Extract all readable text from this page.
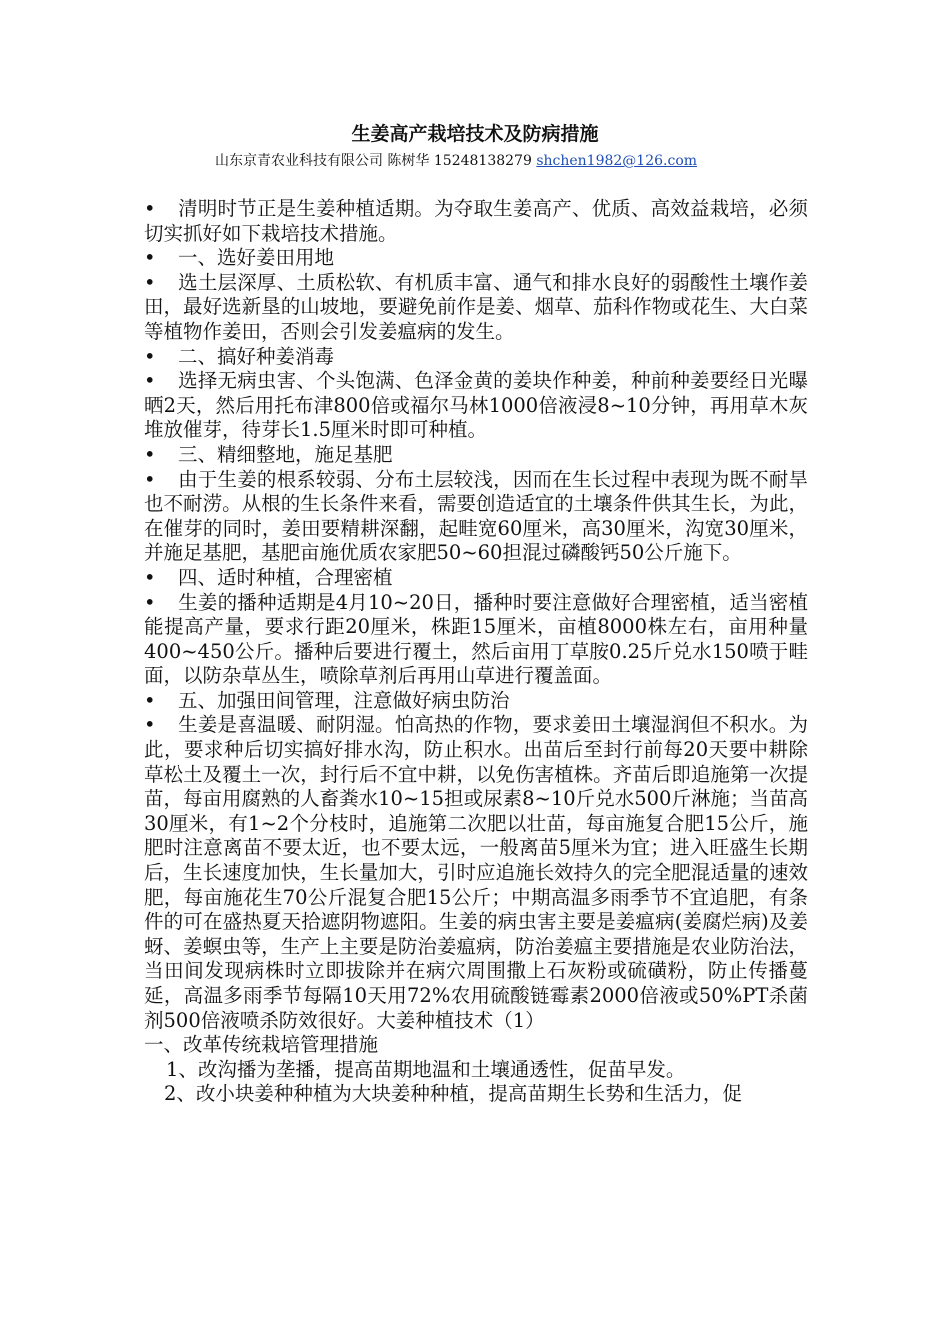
生姜高产栽培技术及防病措施
山东京青农业科技有限公司 陈树华 15248138279 shchen1982@126.com

• 清明时节正是生姜种植适期。为夺取生姜高产、优质、高效益栽培，必须切实抓好如下栽培技术措施。

• 一、选好姜田用地

• 选土层深厚、土质松软、有机质丰富、通气和排水良好的弱酸性土壤作姜田，最好选新垦的山坡地，要避免前作是姜、烟草、茄科作物或花生、大白菜等植物作姜田，否则会引发姜瘟病的发生。

• 二、搞好种姜消毒

• 选择无病虫害、个头饱满、色泽金黄的姜块作种姜，种前种姜要经日光曝晒2天，然后用托布津800倍或福尔马林1000倍液浸8~10分钟，再用草木灰堆放催芽，待芽长1.5厘米时即可种植。

• 三、精细整地，施足基肥

• 由于生姜的根系较弱、分布土层较浅，因而在生长过程中表现为既不耐旱也不耐涝。从根的生长条件来看，需要创造适宜的土壤条件供其生长，为此，在催芽的同时，姜田要精耕深翻，起畦宽60厘米，高30厘米，沟宽30厘米，并施足基肥，基肥亩施优质农家肥50~60担混过磷酸钙50公斤施下。

• 四、适时种植，合理密植

• 生姜的播种适期是4月10~20日，播种时要注意做好合理密植，适当密植能提高产量，要求行距20厘米，株距15厘米，亩植8000株左右，亩用种量400~450公斤。播种后要进行覆土，然后亩用丁草胺0.25斤兑水150喷于畦面，以防杂草丛生，喷除草剂后再用山草进行覆盖面。

• 五、加强田间管理，注意做好病虫防治

• 生姜是喜温暖、耐阴湿。怕高热的作物，要求姜田土壤湿润但不积水。为此，要求种后切实搞好排水沟，防止积水。出苗后至封行前每20天要中耕除草松土及覆土一次，封行后不宜中耕，以免伤害植株。齐苗后即追施第一次提苗，每亩用腐熟的人畜粪水10~15担或尿素8~10斤兑水500斤淋施；当苗高30厘米，有1~2个分枝时，追施第二次肥以壮苗，每亩施复合肥15公斤，施肥时注意离苗不要太近，也不要太远，一般离苗5厘米为宜；进入旺盛生长期后，生长速度加快，生长量加大，引时应追施长效持久的完全肥混适量的速效肥，每亩施花生70公斤混复合肥15公斤；中期高温多雨季节不宜追肥，有条件的可在盛热夏天拾遮阴物遮阳。生姜的病虫害主要是姜瘟病(姜腐烂病)及姜蚜、姜螟虫等，生产上主要是防治姜瘟病，防治姜瘟主要措施是农业防治法，当田间发现病株时立即拔除并在病穴周围撒上石灰粉或硫磺粉，防止传播蔓延，高温多雨季节每隔10天用72%农用硫酸链霉素2000倍液或50%PT杀菌剂500倍液喷杀防效很好。大姜种植技术（1）

一、改革传统栽培管理措施

1、改沟播为垄播，提高苗期地温和土壤通透性，促苗早发。

2、改小块姜种种植为大块姜种种植，提高苗期生长势和生活力，促
